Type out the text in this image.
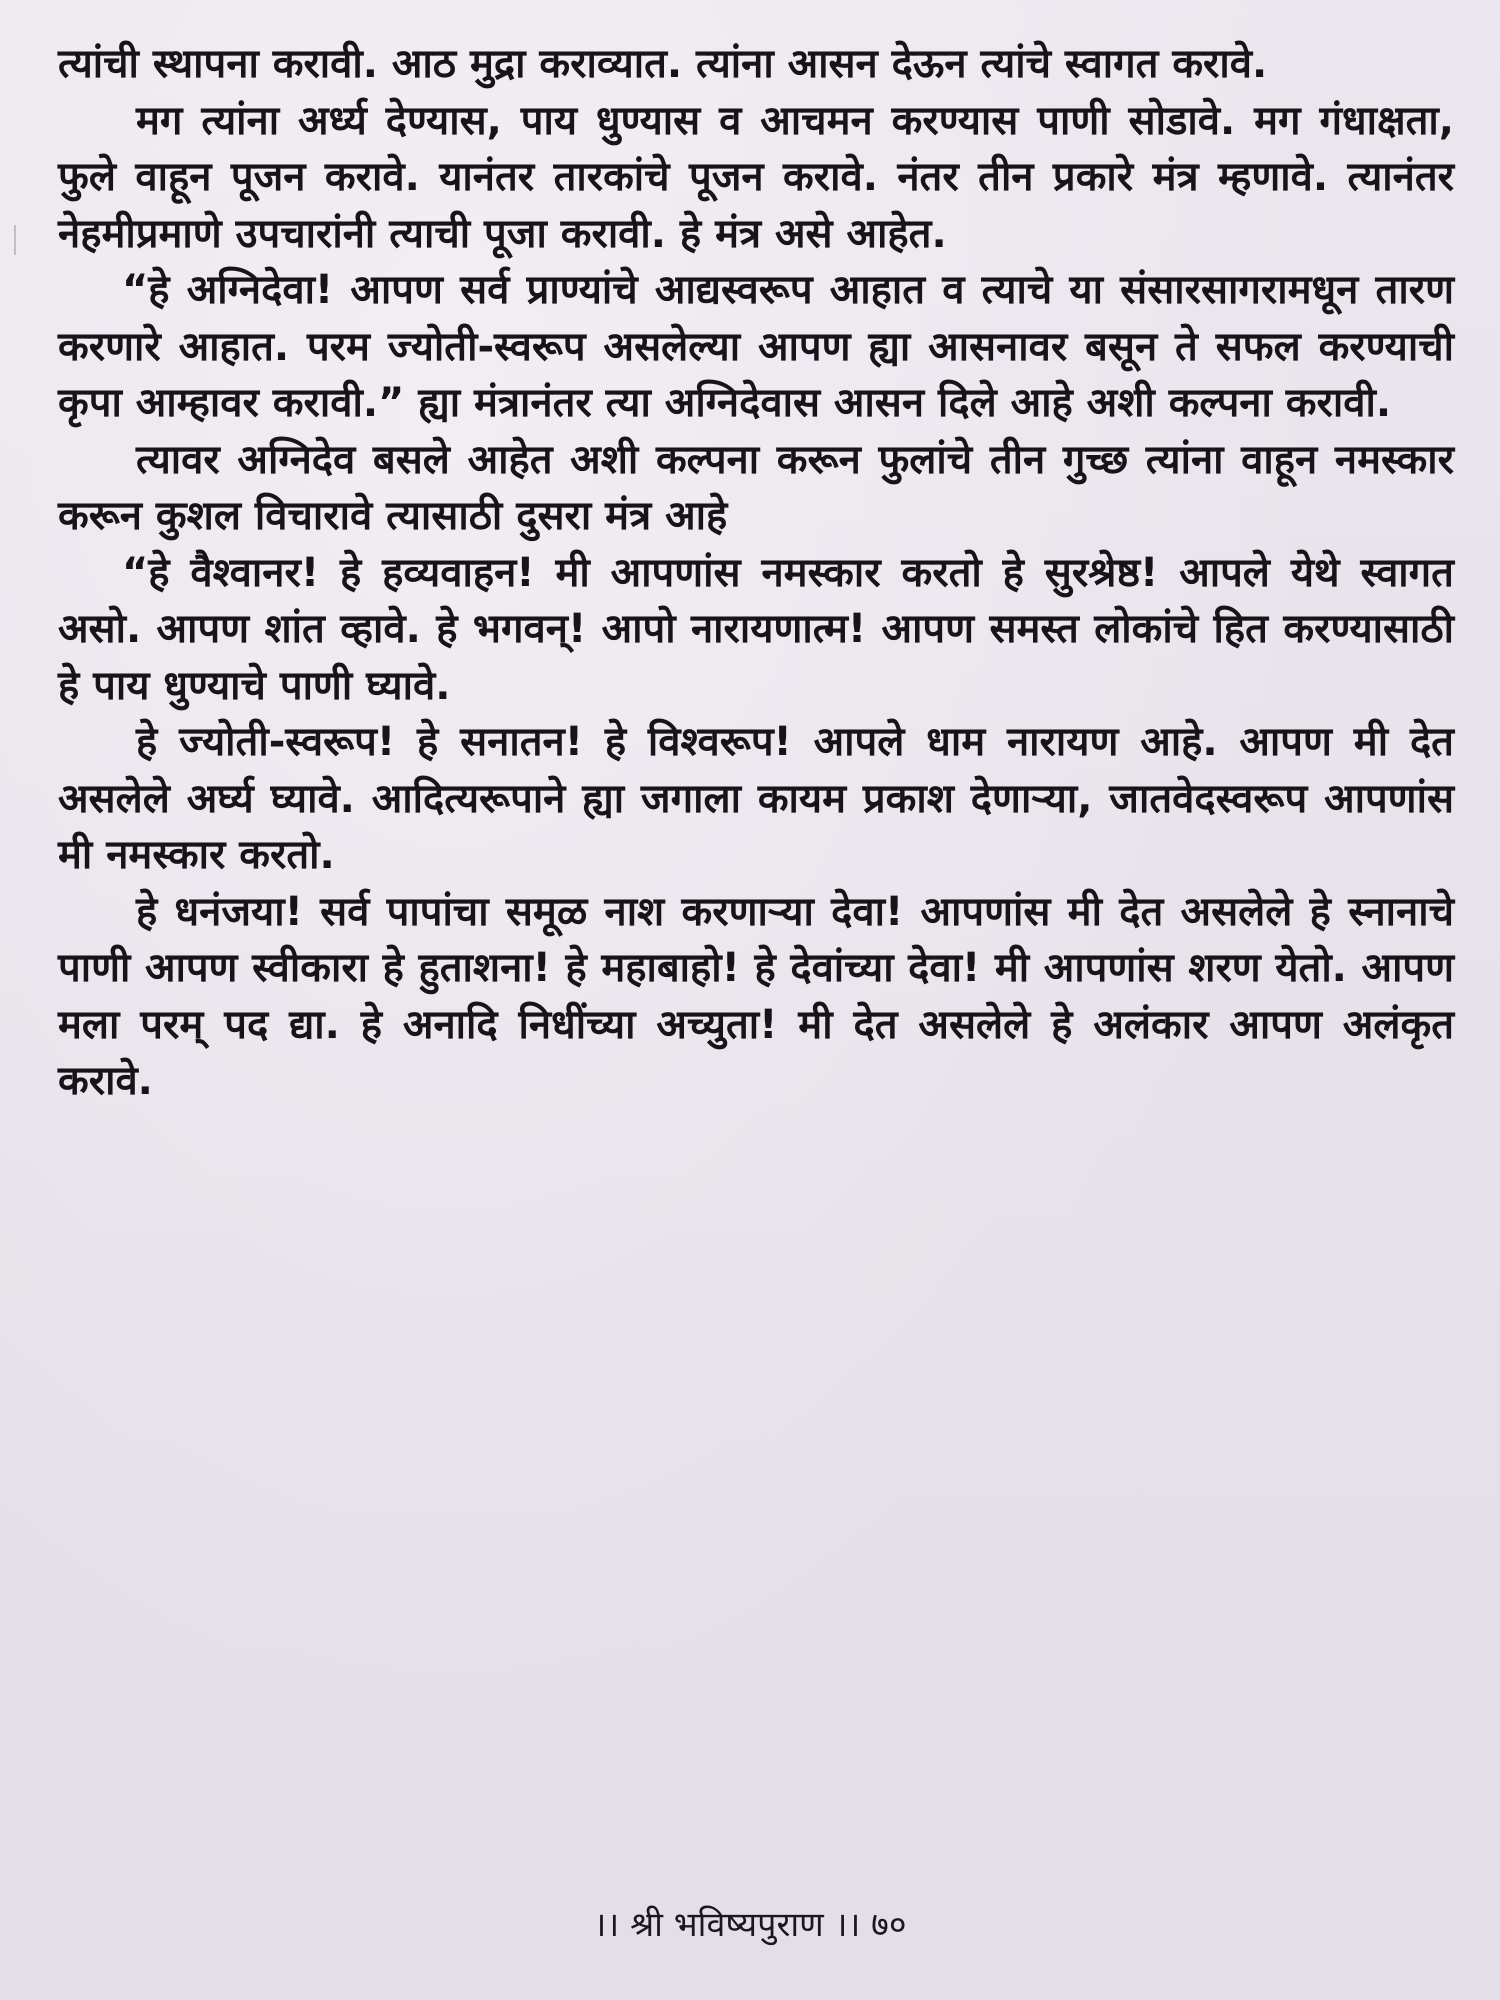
त्यांची स्थापना करावी. आठ मुद्रा कराव्यात. त्यांना आसन देऊन त्यांचे स्वागत करावे.

मग त्यांना अर्ध्य देण्यास, पाय धुण्यास व आचमन करण्यास पाणी सोडावे. मग गंधाक्षता, फुले वाहून पूजन करावे. यानंतर तारकांचे पूजन करावे. नंतर तीन प्रकारे मंत्र म्हणावे. त्यानंतर नेहमीप्रमाणे उपचारांनी त्याची पूजा करावी. हे मंत्र असे आहेत.

“हे अग्निदेवा! आपण सर्व प्राण्यांचे आद्यस्वरूप आहात व त्याचे या संसारसागरामधून तारण करणारे आहात. परम ज्योती-स्वरूप असलेल्या आपण ह्या आसनावर बसून ते सफल करण्याची कृपा आम्हावर करावी.” ह्या मंत्रानंतर त्या अग्निदेवास आसन दिले आहे अशी कल्पना करावी.

त्यावर अग्निदेव बसले आहेत अशी कल्पना करून फुलांचे तीन गुच्छ त्यांना वाहून नमस्कार करून कुशल विचारावे त्यासाठी दुसरा मंत्र आहे

“हे वैश्वानर! हे हव्यवाहन! मी आपणांस नमस्कार करतो हे सुरश्रेष्ठ! आपले येथे स्वागत असो. आपण शांत व्हावे. हे भगवन्! आपो नारायणात्म! आपण समस्त लोकांचे हित करण्यासाठी हे पाय धुण्याचे पाणी घ्यावे.

हे ज्योती-स्वरूप! हे सनातन! हे विश्वरूप! आपले धाम नारायण आहे. आपण मी देत असलेले अर्घ्य घ्यावे. आदित्यरूपाने ह्या जगाला कायम प्रकाश देणाऱ्या, जातवेदस्वरूप आपणांस मी नमस्कार करतो.

हे धनंजया! सर्व पापांचा समूळ नाश करणाऱ्या देवा! आपणांस मी देत असलेले हे स्नानाचे पाणी आपण स्वीकारा हे हुताशना! हे महाबाहो! हे देवांच्या देवा! मी आपणांस शरण येतो. आपण मला परम् पद द्या. हे अनादि निधींच्या अच्युता! मी देत असलेले हे अलंकार आपण अलंकृत करावे.

।। श्री भविष्यपुराण ।। ७०
